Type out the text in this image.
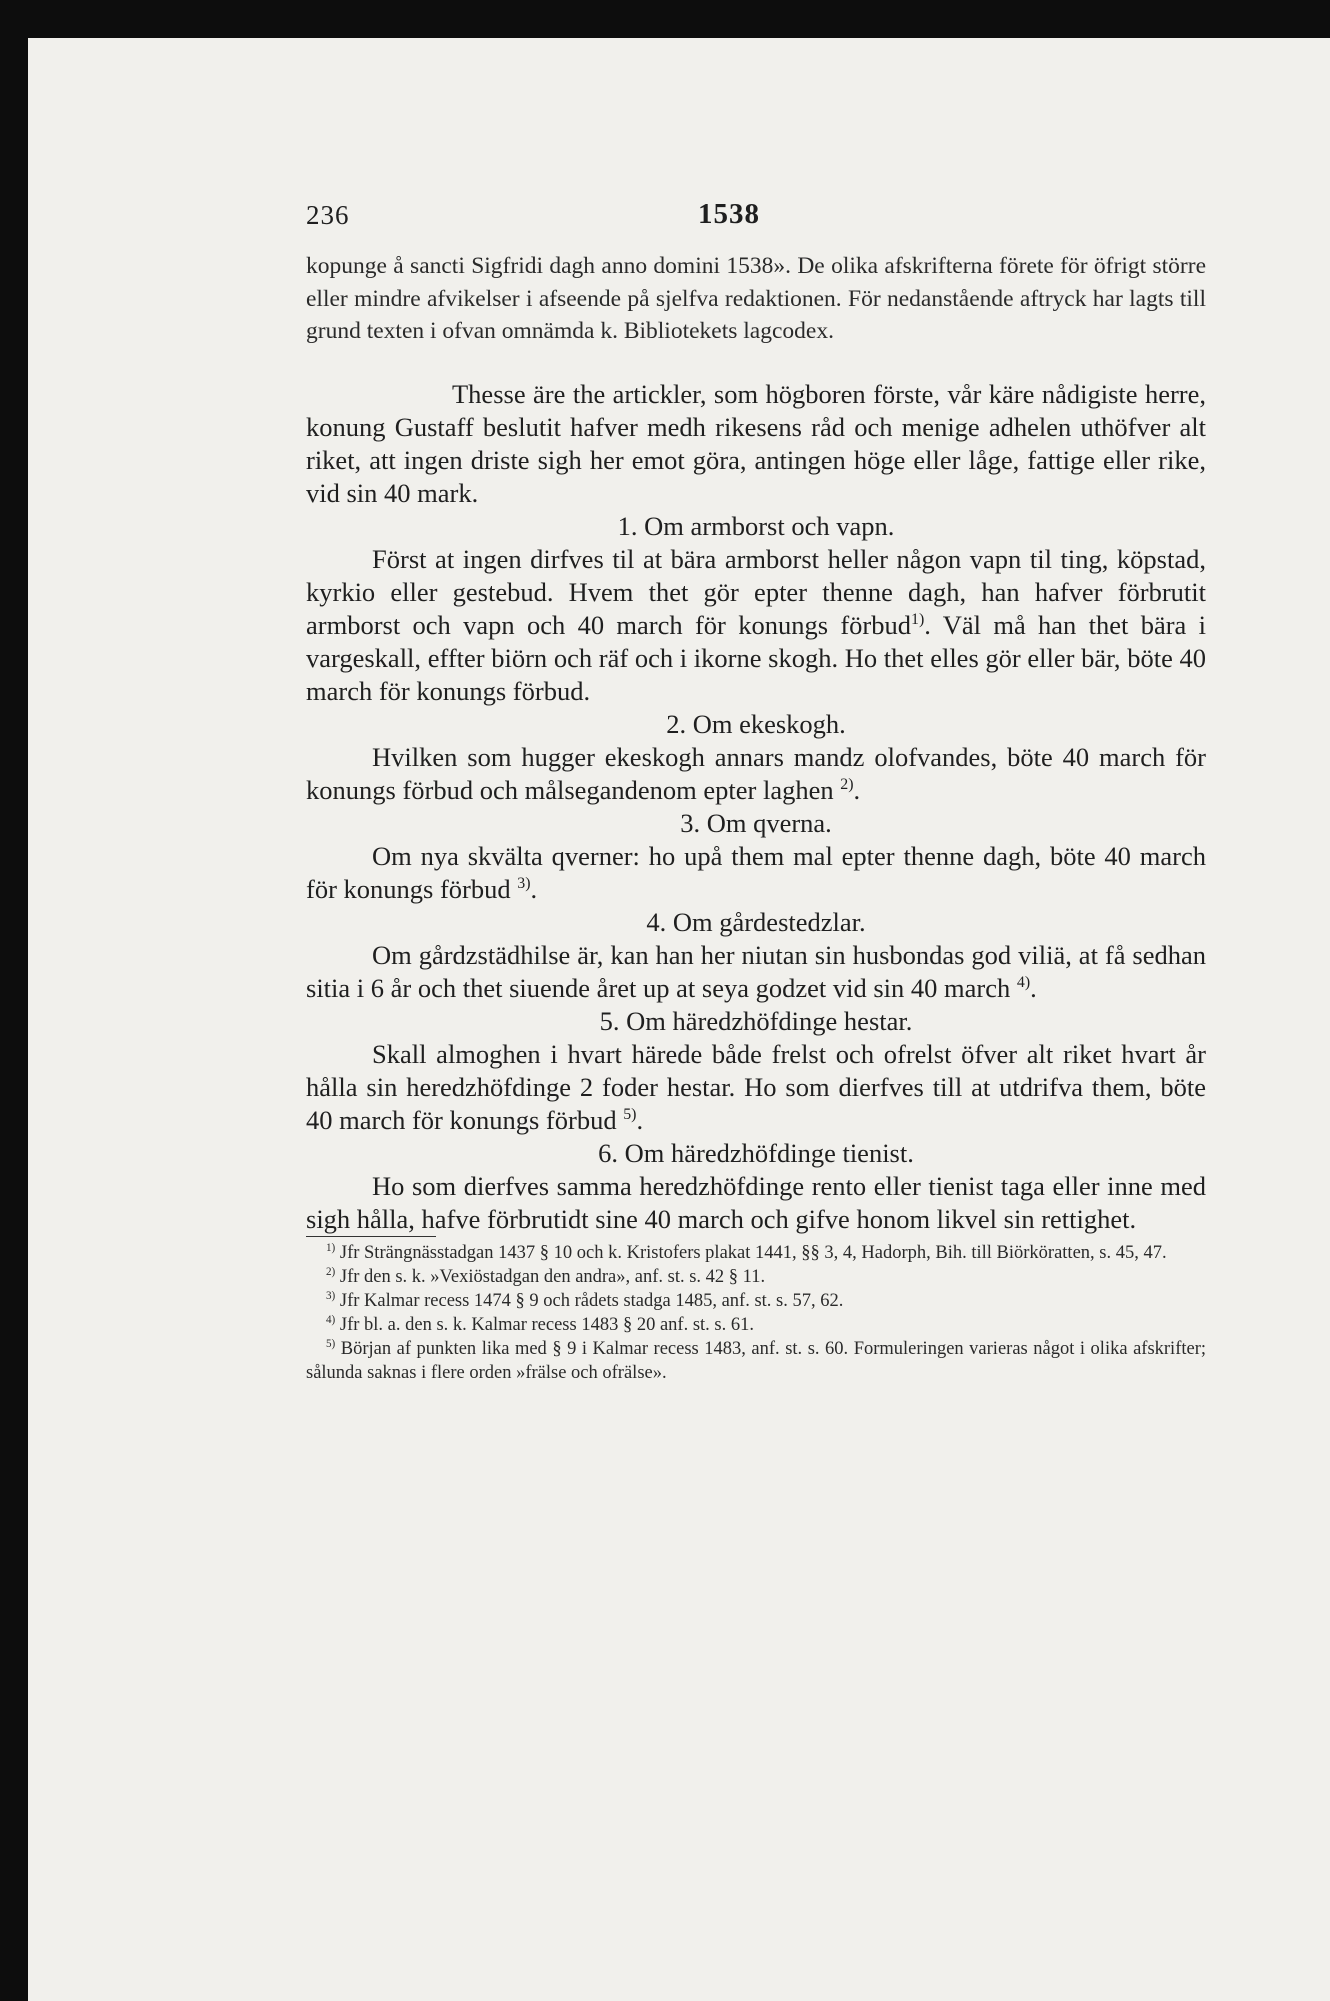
236	1538

kopunge å sancti Sigfridi dagh anno domini 1538». De olika afskrifterna förete för öfrigt större eller mindre afvikelser i afseende på sjelfva redaktionen. För nedanstående aftryck har lagts till grund texten i ofvan omnämda k. Bibliotekets lagcodex.

Thesse äre the artickler, som högboren förste, vår käre nådigiste herre, konung Gustaff beslutit hafver medh rikesens råd och menige adhelen uthöfver alt riket, att ingen driste sigh her emot göra, antingen höge eller låge, fattige eller rike, vid sin 40 mark.

1. Om armborst och vapn.

Först at ingen dirfves til at bära armborst heller någon vapn til ting, köpstad, kyrkio eller gestebud. Hvem thet gör epter thenne dagh, han hafver förbrutit armborst och vapn och 40 march för konungs förbud$^{1)}$. Väl må han thet bära i vargeskall, effter biörn och räf och i ikorne skogh. Ho thet elles gör eller bär, böte 40 march för konungs förbud.

2. Om ekeskogh.

Hvilken som hugger ekeskogh annars mandz olofvandes, böte 40 march för konungs förbud och målsegandenom epter laghen $^{2)}$.

3. Om qverna.

Om nya skvälta qverner: ho upå them mal epter thenne dagh, böte 40 march för konungs förbud $^{3)}$.

4. Om gårdestedzlar.

Om gårdzstädhilse är, kan han her niutan sin husbondas god viliä, at få sedhan sitia i 6 år och thet siuende året up at seya godzet vid sin 40 march $^{4)}$.

5. Om häredzhöfdinge hestar.

Skall almoghen i hvart härede både frelst och ofrelst öfver alt riket hvart år hålla sin heredzhöfdinge 2 foder hestar. Ho som dierfves till at utdrifva them, böte 40 march för konungs förbud $^{5)}$.

6. Om häredzhöfdinge tienist.

Ho som dierfves samma heredzhöfdinge rento eller tienist taga eller inne med sigh hålla, hafve förbrutidt sine 40 march och gifve honom likvel sin rettighet.

$^{1)}$ Jfr Strängnässtadgan 1437 § 10 och k. Kristofers plakat 1441, §§ 3, 4, Hadorph, Bih. till Biörköratten, s. 45, 47.

$^{2)}$ Jfr den s. k. »Vexiöstadgan den andra», anf. st. s. 42 § 11.

$^{3)}$ Jfr Kalmar recess 1474 § 9 och rådets stadga 1485, anf. st. s. 57, 62.

$^{4)}$ Jfr bl. a. den s. k. Kalmar recess 1483 § 20 anf. st. s. 61.

$^{5)}$ Början af punkten lika med § 9 i Kalmar recess 1483, anf. st. s. 60. Formuleringen varieras något i olika afskrifter; sålunda saknas i flere orden »frälse och ofrälse».
